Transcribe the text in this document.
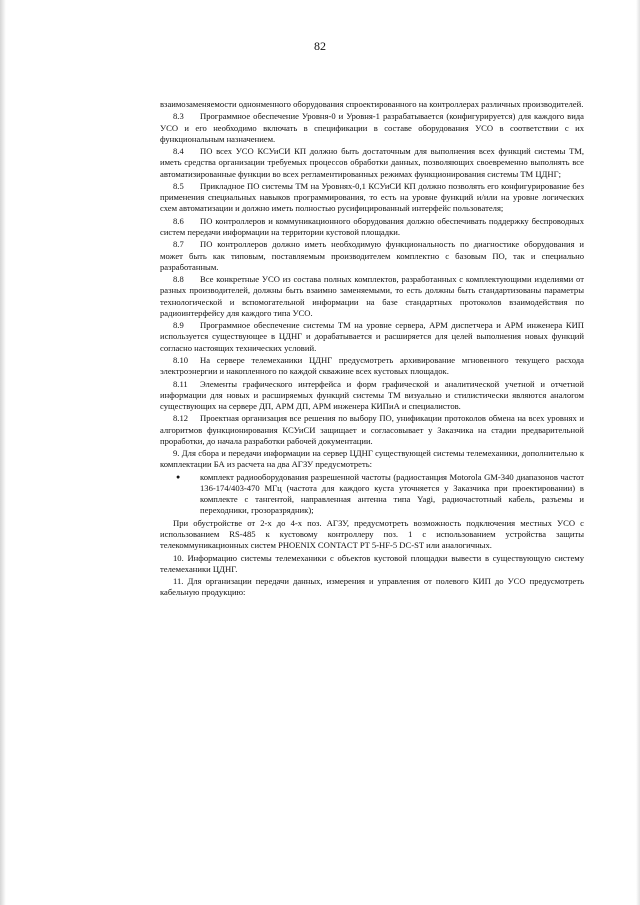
82
взаимозаменяемости однонменного оборудования спроектированного на контроллерах различных производителей.
8.3 Программное обеспечение Уровня-0 и Уровня-1 разрабатывается (конфигурируется) для каждого вида УСО и его необходимо включать в спецификации в составе оборудования УСО в соответствии с их функциональным назначением.
8.4 ПО всех УСО КСУиСИ КП должно быть достаточным для выполнения всех функций системы ТМ, иметь средства организации требуемых процессов обработки данных, позволяющих своевременно выполнять все автоматизированные функции во всех регламентированных режимах функционирования системы ТМ ЦДНГ;
8.5 Прикладное ПО системы ТМ на Уровнях-0,1 КСУиСИ КП должно позволять его конфигурирование без применения специальных навыков программирования, то есть на уровне функций и/или на уровне логических схем автоматизации и должно иметь полностью русифицированный интерфейс пользователя;
8.6 ПО контроллеров и коммуникационного оборудования должно обеспечивать поддержку беспроводных систем передачи информации на территории кустовой площадки.
8.7 ПО контроллеров должно иметь необходимую функциональность по диагностике оборудования и может быть как типовым, поставляемым производителем комплектно с базовым ПО, так и специально разработанным.
8.8 Все конкретные УСО из состава полных комплектов, разработанных с комплектующими изделиями от разных производителей, должны быть взаимно заменяемыми, то есть должны быть стандартизованы параметры технологической и вспомогательной информации на базе стандартных протоколов взаимодействия по радиоинтерфейсу для каждого типа УСО.
8.9 Программное обеспечение системы ТМ на уровне сервера, АРМ диспетчера и АРМ инженера КИП используется существующее в ЦДНГ и дорабатывается и расширяется для целей выполнения новых функций согласно настоящих технических условий.
8.10 На сервере телемеханики ЦДНГ предусмотреть архивирование мгновенного текущего расхода электроэнергии и накопленного по каждой скважине всех кустовых площадок.
8.11 Элементы графического интерфейса и форм графической и аналитической учетной и отчетной информации для новых и расширяемых функций системы ТМ визуально и стилистически являются аналогом существующих на сервере ДП, АРМ ДП, АРМ инженера КИПиА и специалистов.
8.12 Проектная организация все решения по выбору ПО, унификации протоколов обмена на всех уровнях и алгоритмов функционирования КСУиСИ защищает и согласовывает у Заказчика на стадии предварительной проработки, до начала разработки рабочей документации.
9. Для сбора и передачи информации на сервер ЦДНГ существующей системы телемеханики, дополнительно к комплектации БА из расчета на два АГЗУ предусмотреть:
●	комплект радиооборудования разрешенной частоты (радиостанция Motorola GM-340 диапазонов частот 136-174/403-470 МГц (частота для каждого куста уточняется у Заказчика при проектировании) в комплекте с тангентой, направленная антенна типа Yagi, радиочастотный кабель, разъемы и переходники, грозоразрядник);
При обустройстве от 2-х до 4-х поз. АГЗУ, предусмотреть возможность подключения местных УСО с использованием RS-485 к кустовому контроллеру поз. 1 с использованием устройства защиты телекоммуникационных систем PHOENIX CONTACT PT 5-HF-5 DC-ST или аналогичных.
10. Информацию системы телемеханики с объектов кустовой площадки вывести в существующую систему телемеханики ЦДНГ.
11. Для организации передачи данных, измерения и управления от полевого КИП до УСО предусмотреть кабельную продукцию:
